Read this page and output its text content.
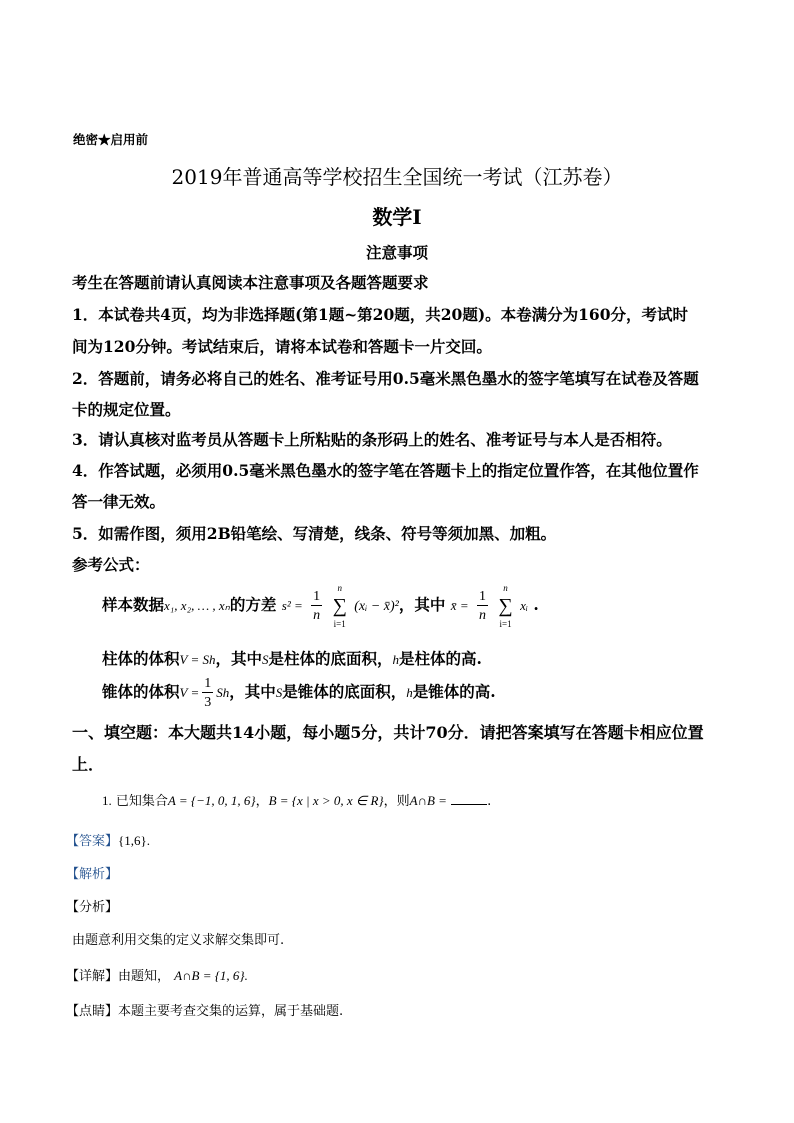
绝密★启用前
2019年普通高等学校招生全国统一考试（江苏卷）
数学Ⅰ
注意事项
考生在答题前请认真阅读本注意事项及各题答题要求
1．本试卷共4页，均为非选择题(第1题~第20题，共20题)。本卷满分为160分，考试时
间为120分钟。考试结束后，请将本试卷和答题卡一片交回。
2．答题前，请务必将自己的姓名、准考证号用0.5毫米黑色墨水的签字笔填写在试卷及答题
卡的规定位置。
3．请认真核对监考员从答题卡上所粘贴的条形码上的姓名、准考证号与本人是否相符。
4．作答试题，必须用0.5毫米黑色墨水的签字笔在答题卡上的指定位置作答，在其他位置作
答一律无效。
5．如需作图，须用2B铅笔绘、写清楚，线条、符号等须加黑、加粗。
参考公式：
样本数据x₁, x₂, … , xₙ的方差 $s^2 = \frac{1}{n}$
	n
∑
i=1
(xᵢ − x̄)²，其中 x̄ = $\frac{1}{n}$
	n
∑
i=1
xᵢ .
柱体的体积V = Sh，其中S是柱体的底面积，h是柱体的高.
锥体的体积$V = \frac{1}{3}$ Sh，其中S是锥体的底面积，h是锥体的高.
一、填空题：本大题共14小题，每小题5分，共计70分．请把答案填写在答题卡相应位置
上．
1. 已知集合A = {−1, 0, 1, 6}，B = {x | x > 0, x ∈ R}，则A∩B =	.
【答案】{1,6}.
【解析】
【分析】
由题意利用交集的定义求解交集即可.
【详解】由题知， A∩B = {1, 6}.
【点睛】本题主要考查交集的运算，属于基础题.
